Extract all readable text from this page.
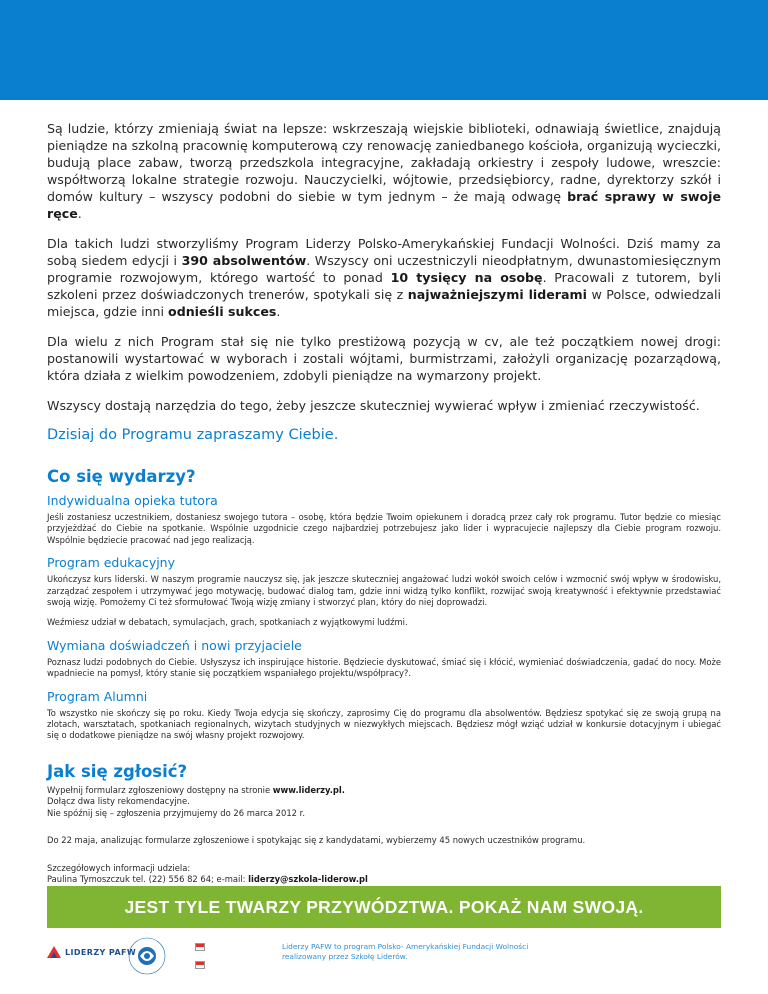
Są ludzie, którzy zmieniają świat na lepsze: wskrzeszają wiejskie biblioteki, odnawiają świetlice, znajdują pieniądze na szkolną pracownię komputerową czy renowację zaniedbanego kościoła, organizują wycieczki, budują place zabaw, tworzą przedszkola integracyjne, zakładają orkiestry i zespoły ludowe, wreszcie: współtworzą lokalne strategie rozwoju. Nauczycielki, wójtowie, przedsiębiorcy, radne, dyrektorzy szkół i domów kultury – wszyscy podobni do siebie w tym jednym – że mają odwagę brać sprawy w swoje ręce.

Dla takich ludzi stworzyliśmy Program Liderzy Polsko-Amerykańskiej Fundacji Wolności. Dziś mamy za sobą siedem edycji i 390 absolwentów. Wszyscy oni uczestniczyli nieodpłatnym, dwunastomiesięcznym programie rozwojowym, którego wartość to ponad 10 tysięcy na osobę. Pracowali z tutorem, byli szkoleni przez doświadczonych trenerów, spotykali się z najważniejszymi liderami w Polsce, odwiedzali miejsca, gdzie inni odnieśli sukces.

Dla wielu z nich Program stał się nie tylko prestiżową pozycją w cv, ale też początkiem nowej drogi: postanowili wystartować w wyborach i zostali wójtami, burmistrzami, założyli organizację pozarządową, która działa z wielkim powodzeniem, zdobyli pieniądze na wymarzony projekt.

Wszyscy dostają narzędzia do tego, żeby jeszcze skuteczniej wywierać wpływ i zmieniać rzeczywistość.

Dzisiaj do Programu zapraszamy Ciebie.
Co się wydarzy?
Indywidualna opieka tutora

Jeśli zostaniesz uczestnikiem, dostaniesz swojego tutora – osobę, która będzie Twoim opiekunem i doradcą przez cały rok programu. Tutor będzie co miesiąc przyjeżdżać do Ciebie na spotkanie. Wspólnie uzgodnicie czego najbardziej potrzebujesz jako lider i wypracujecie najlepszy dla Ciebie program rozwoju. Wspólnie będziecie pracować nad jego realizacją.

Program edukacyjny

Ukończysz kurs liderski. W naszym programie nauczysz się, jak jeszcze skuteczniej angażować ludzi wokół swoich celów i wzmocnić swój wpływ w środowisku, zarządzać zespołem i utrzymywać jego motywację, budować dialog tam, gdzie inni widzą tylko konflikt, rozwijać swoją kreatywność i efektywnie przedstawiać swoją wizję. Pomożemy Ci też sformułować Twoją wizję zmiany i stworzyć plan, który do niej doprowadzi.

Weźmiesz udział w debatach, symulacjach, grach, spotkaniach z wyjątkowymi ludźmi.

Wymiana doświadczeń i nowi przyjaciele

Poznasz ludzi podobnych do Ciebie. Usłyszysz ich inspirujące historie. Będziecie dyskutować, śmiać się i kłócić, wymieniać doświadczenia, gadać do nocy. Może wpadniecie na pomysł, który stanie się początkiem wspaniałego projektu/współpracy?.

Program Alumni

To wszystko nie skończy się po roku. Kiedy Twoja edycja się skończy, zaprosimy Cię do programu dla absolwentów. Będziesz spotykać się ze swoją grupą na zlotach, warsztatach, spotkaniach regionalnych, wizytach studyjnych w niezwykłych miejscach. Będziesz mógł wziąć udział w konkursie dotacyjnym i ubiegać się o dodatkowe pieniądze na swój własny projekt rozwojowy.

Jak się zgłosić?
Wypełnij formularz zgłoszeniowy dostępny na stronie www.liderzy.pl.
Dołącz dwa listy rekomendacyjne.
Nie spóźnij się – zgłoszenia przyjmujemy do 26 marca 2012 r.
Do 22 maja, analizując formularze zgłoszeniowe i spotykając się z kandydatami, wybierzemy 45 nowych uczestników programu.
Szczegółowych informacji udziela:
Paulina Tymoszczuk tel. (22) 556 82 64; e-mail: liderzy@szkola-liderow.pl
JEST TYLE TWARZY PRZYWÓDZTWA. POKAŻ NAM SWOJĄ.
LIDERZY PAFW
Liderzy PAFW to program Polsko- Amerykańskiej Fundacji Wolności
realizowany przez Szkołę Liderów.
